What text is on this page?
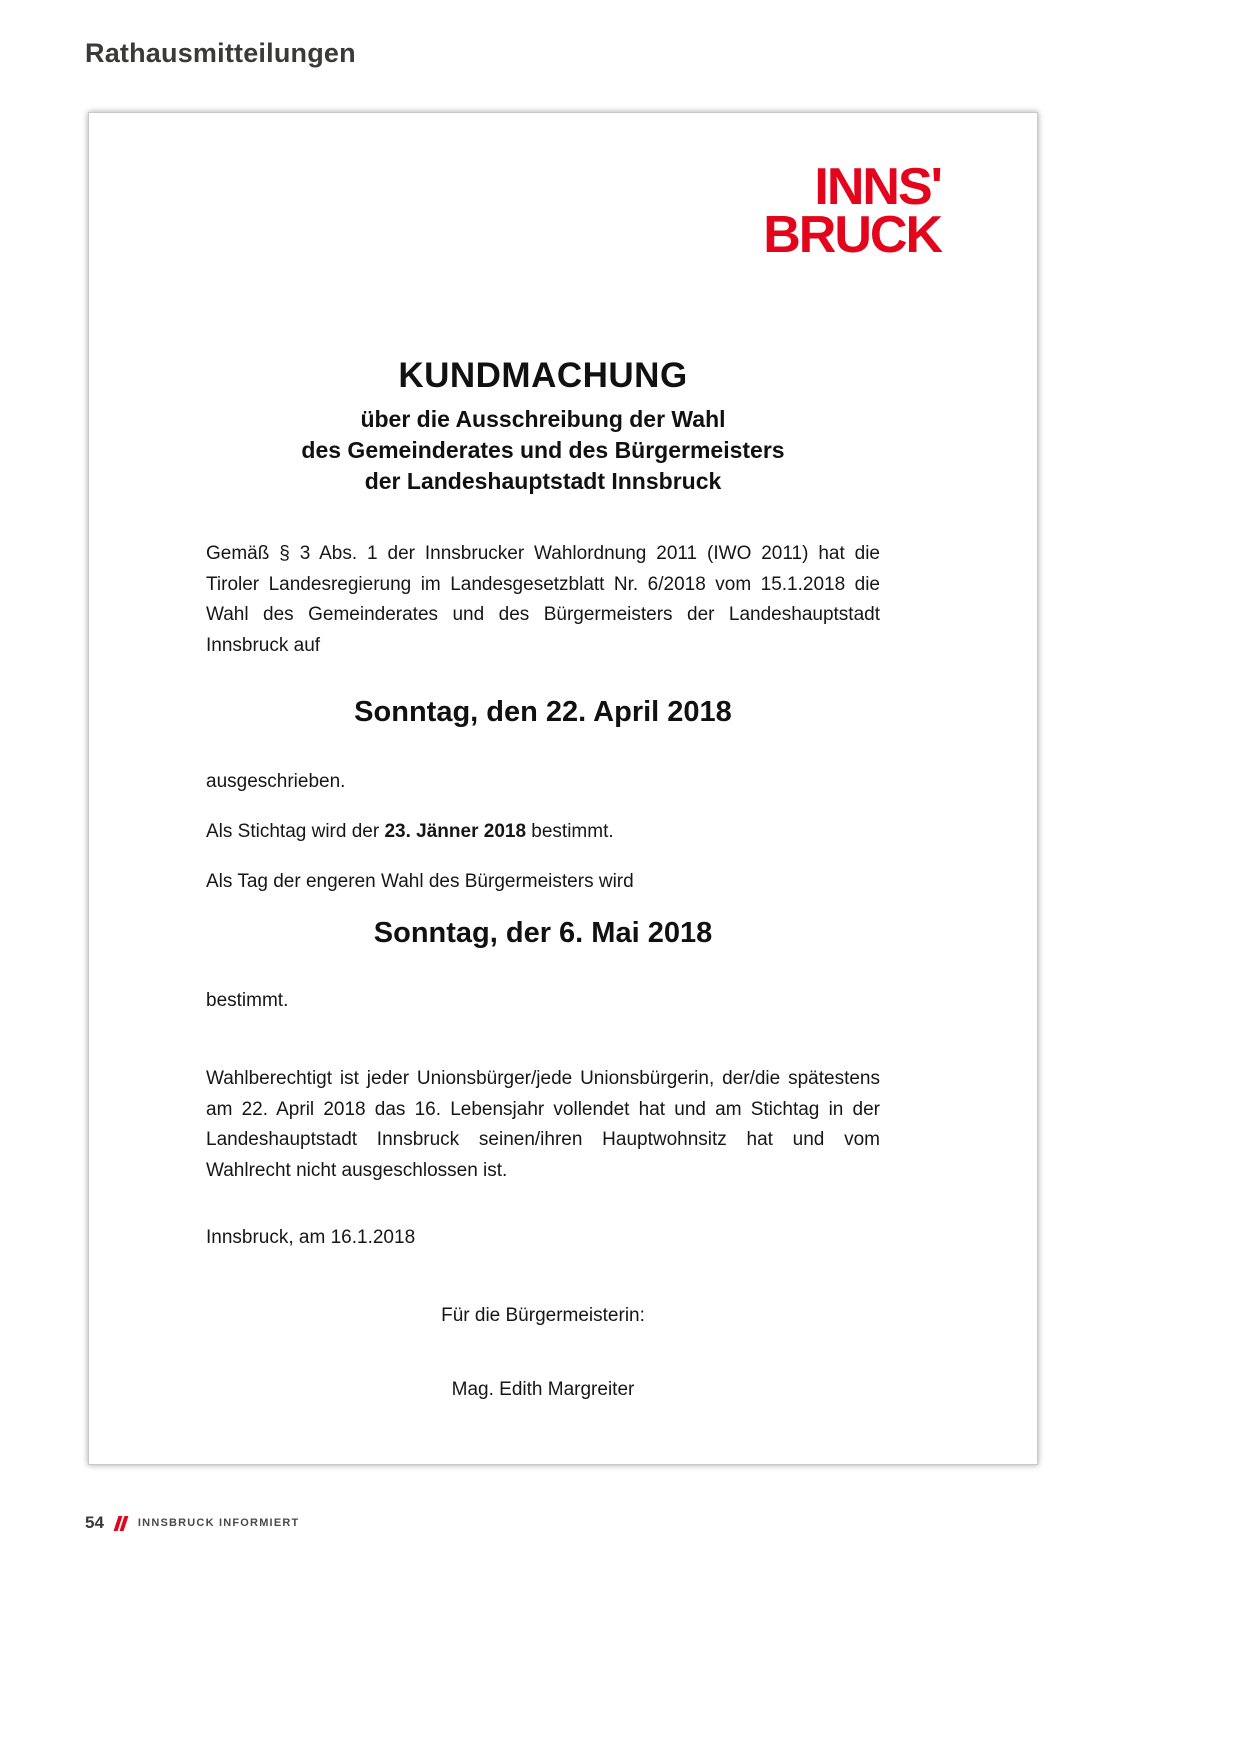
Rathausmitteilungen
INNS'
BRUCK
KUNDMACHUNG
über die Ausschreibung der Wahl
des Gemeinderates und des Bürgermeisters
der Landeshauptstadt Innsbruck

Gemäß § 3 Abs. 1 der Innsbrucker Wahlordnung 2011 (IWO 2011) hat die Tiroler Landesregierung im Landesgesetzblatt Nr. 6/2018 vom 15.1.2018 die Wahl des Gemeinderates und des Bürgermeisters der Landeshauptstadt Innsbruck auf

Sonntag, den 22. April 2018

ausgeschrieben.

Als Stichtag wird der 23. Jänner 2018 bestimmt.

Als Tag der engeren Wahl des Bürgermeisters wird

Sonntag, der 6. Mai 2018

bestimmt.

Wahlberechtigt ist jeder Unionsbürger/jede Unionsbürgerin, der/die spätestens am 22. April 2018 das 16. Lebensjahr vollendet hat und am Stichtag in der Landeshauptstadt Innsbruck seinen/ihren Hauptwohnsitz hat und vom Wahlrecht nicht ausgeschlossen ist.

Innsbruck, am 16.1.2018

Für die Bürgermeisterin:

Mag. Edith Margreiter

54	INNSBRUCK INFORMIERT
